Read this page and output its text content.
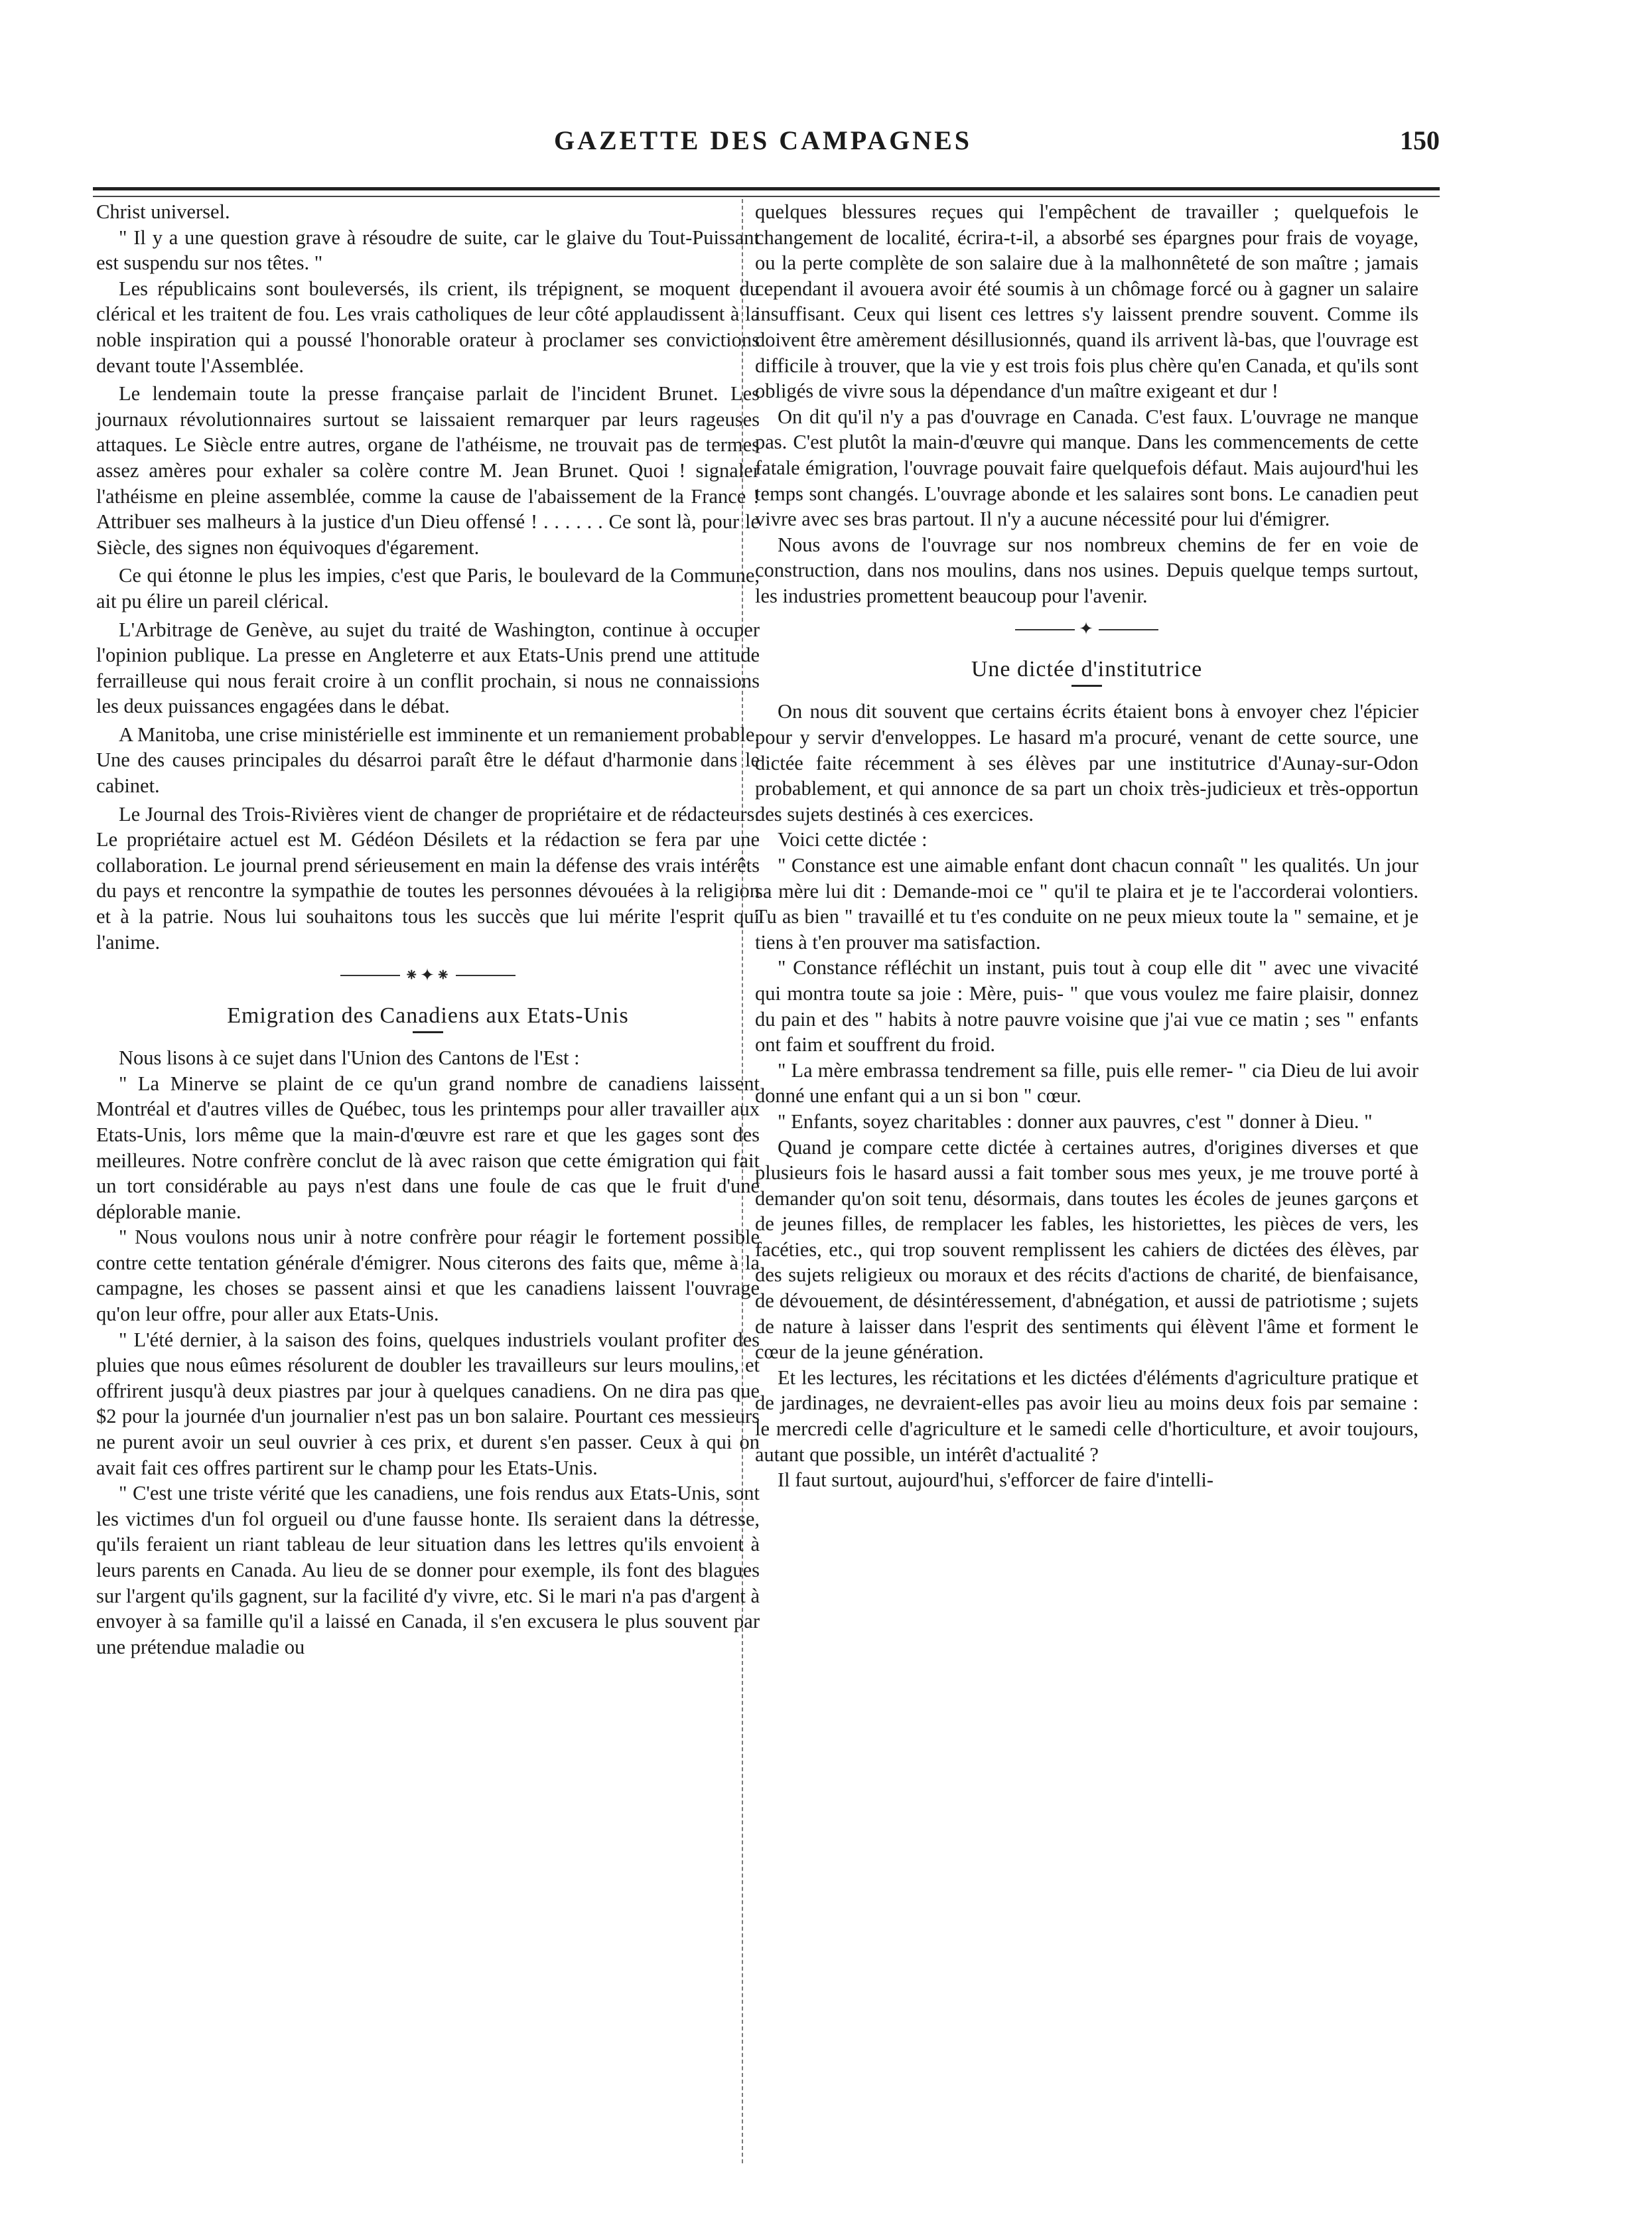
GAZETTE DES CAMPAGNES	150

Christ universel.

" Il y a une question grave à résoudre de suite, car le glaive du Tout-Puissant est suspendu sur nos têtes. "

Les républicains sont bouleversés, ils crient, ils trépignent, se moquent du clérical et les traitent de fou. Les vrais catholiques de leur côté applaudissent à la noble inspiration qui a poussé l'honorable orateur à proclamer ses convictions devant toute l'Assemblée.

Le lendemain toute la presse française parlait de l'incident Brunet. Les journaux révolutionnaires surtout se laissaient remarquer par leurs rageuses attaques. Le Siècle entre autres, organe de l'athéisme, ne trouvait pas de termes assez amères pour exhaler sa colère contre M. Jean Brunet. Quoi ! signaler l'athéisme en pleine assemblée, comme la cause de l'abaissement de la France ! Attribuer ses malheurs à la justice d'un Dieu offensé ! . . . . . . Ce sont là, pour le Siècle, des signes non équivoques d'égarement.

Ce qui étonne le plus les impies, c'est que Paris, le boulevard de la Commune, ait pu élire un pareil clérical.

L'Arbitrage de Genève, au sujet du traité de Washington, continue à occuper l'opinion publique. La presse en Angleterre et aux Etats-Unis prend une attitude ferrailleuse qui nous ferait croire à un conflit prochain, si nous ne connaissions les deux puissances engagées dans le débat.

A Manitoba, une crise ministérielle est imminente et un remaniement probable. Une des causes principales du désarroi paraît être le défaut d'harmonie dans le cabinet.

Le Journal des Trois-Rivières vient de changer de propriétaire et de rédacteurs. Le propriétaire actuel est M. Gédéon Désilets et la rédaction se fera par une collaboration. Le journal prend sérieusement en main la défense des vrais intérêts du pays et rencontre la sympathie de toutes les personnes dévouées à la religion et à la patrie. Nous lui souhaitons tous les succès que lui mérite l'esprit qui l'anime.

⁕✦⁕
Emigration des Canadiens aux Etats-Unis

Nous lisons à ce sujet dans l'Union des Cantons de l'Est :

" La Minerve se plaint de ce qu'un grand nombre de canadiens laissent Montréal et d'autres villes de Québec, tous les printemps pour aller travailler aux Etats-Unis, lors même que la main-d'œuvre est rare et que les gages sont des meilleures. Notre confrère conclut de là avec raison que cette émigration qui fait un tort considérable au pays n'est dans une foule de cas que le fruit d'une déplorable manie.

" Nous voulons nous unir à notre confrère pour réagir le fortement possible contre cette tentation générale d'émigrer. Nous citerons des faits que, même à la campagne, les choses se passent ainsi et que les canadiens laissent l'ouvrage qu'on leur offre, pour aller aux Etats-Unis.

" L'été dernier, à la saison des foins, quelques industriels voulant profiter des pluies que nous eûmes résolurent de doubler les travailleurs sur leurs moulins, et offrirent jusqu'à deux piastres par jour à quelques canadiens. On ne dira pas que $2 pour la journée d'un journalier n'est pas un bon salaire. Pourtant ces messieurs ne purent avoir un seul ouvrier à ces prix, et durent s'en passer. Ceux à qui on avait fait ces offres partirent sur le champ pour les Etats-Unis.

" C'est une triste vérité que les canadiens, une fois rendus aux Etats-Unis, sont les victimes d'un fol orgueil ou d'une fausse honte. Ils seraient dans la détresse, qu'ils feraient un riant tableau de leur situation dans les lettres qu'ils envoient à leurs parents en Canada. Au lieu de se donner pour exemple, ils font des blagues sur l'argent qu'ils gagnent, sur la facilité d'y vivre, etc. Si le mari n'a pas d'argent à envoyer à sa famille qu'il a laissé en Canada, il s'en excusera le plus souvent par une prétendue maladie ou

quelques blessures reçues qui l'empêchent de travailler ; quelquefois le changement de localité, écrira-t-il, a absorbé ses épargnes pour frais de voyage, ou la perte complète de son salaire due à la malhonnêteté de son maître ; jamais cependant il avouera avoir été soumis à un chômage forcé ou à gagner un salaire insuffisant. Ceux qui lisent ces lettres s'y laissent prendre souvent. Comme ils doivent être amèrement désillusionnés, quand ils arrivent là-bas, que l'ouvrage est difficile à trouver, que la vie y est trois fois plus chère qu'en Canada, et qu'ils sont obligés de vivre sous la dépendance d'un maître exigeant et dur !

On dit qu'il n'y a pas d'ouvrage en Canada. C'est faux. L'ouvrage ne manque pas. C'est plutôt la main-d'œuvre qui manque. Dans les commencements de cette fatale émigration, l'ouvrage pouvait faire quelquefois défaut. Mais aujourd'hui les temps sont changés. L'ouvrage abonde et les salaires sont bons. Le canadien peut vivre avec ses bras partout. Il n'y a aucune nécessité pour lui d'émigrer.

Nous avons de l'ouvrage sur nos nombreux chemins de fer en voie de construction, dans nos moulins, dans nos usines. Depuis quelque temps surtout, les industries promettent beaucoup pour l'avenir.

✦
Une dictée d'institutrice

On nous dit souvent que certains écrits étaient bons à envoyer chez l'épicier pour y servir d'enveloppes. Le hasard m'a procuré, venant de cette source, une dictée faite récemment à ses élèves par une institutrice d'Aunay-sur-Odon probablement, et qui annonce de sa part un choix très-judicieux et très-opportun des sujets destinés à ces exercices.

Voici cette dictée :

" Constance est une aimable enfant dont chacun connaît " les qualités. Un jour sa mère lui dit : Demande-moi ce " qu'il te plaira et je te l'accorderai volontiers. Tu as bien " travaillé et tu t'es conduite on ne peux mieux toute la " semaine, et je tiens à t'en prouver ma satisfaction.

" Constance réfléchit un instant, puis tout à coup elle dit " avec une vivacité qui montra toute sa joie : Mère, puis- " que vous voulez me faire plaisir, donnez du pain et des " habits à notre pauvre voisine que j'ai vue ce matin ; ses " enfants ont faim et souffrent du froid.

" La mère embrassa tendrement sa fille, puis elle remer- " cia Dieu de lui avoir donné une enfant qui a un si bon " cœur.

" Enfants, soyez charitables : donner aux pauvres, c'est " donner à Dieu. "

Quand je compare cette dictée à certaines autres, d'origines diverses et que plusieurs fois le hasard aussi a fait tomber sous mes yeux, je me trouve porté à demander qu'on soit tenu, désormais, dans toutes les écoles de jeunes garçons et de jeunes filles, de remplacer les fables, les historiettes, les pièces de vers, les facéties, etc., qui trop souvent remplissent les cahiers de dictées des élèves, par des sujets religieux ou moraux et des récits d'actions de charité, de bienfaisance, de dévouement, de désintéressement, d'abnégation, et aussi de patriotisme ; sujets de nature à laisser dans l'esprit des sentiments qui élèvent l'âme et forment le cœur de la jeune génération.

Et les lectures, les récitations et les dictées d'éléments d'agriculture pratique et de jardinages, ne devraient-elles pas avoir lieu au moins deux fois par semaine : le mercredi celle d'agriculture et le samedi celle d'horticulture, et avoir toujours, autant que possible, un intérêt d'actualité ?

Il faut surtout, aujourd'hui, s'efforcer de faire d'intelli-
